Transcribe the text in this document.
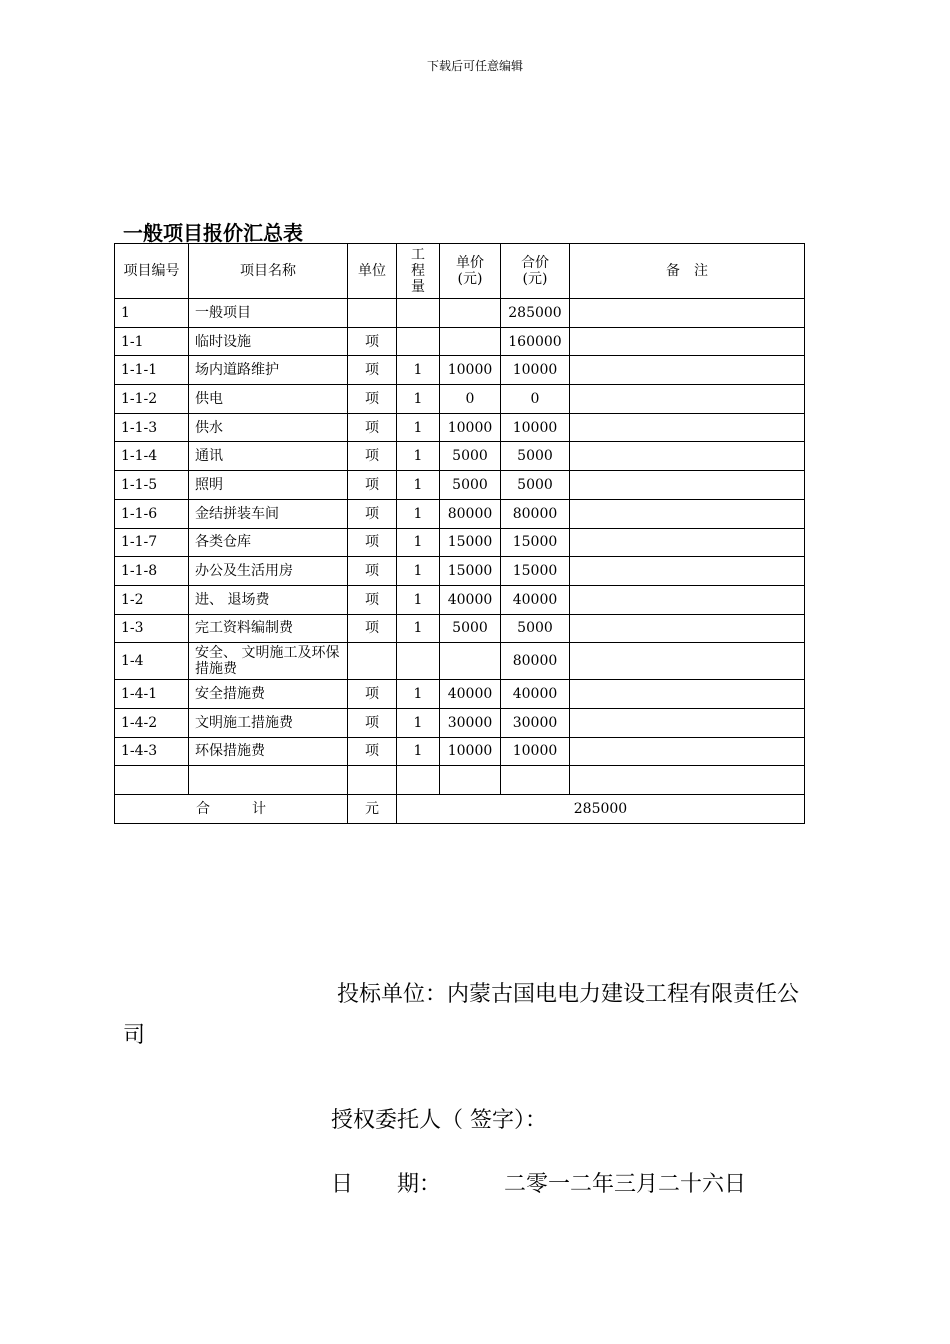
下载后可任意编辑
一般项目报价汇总表
项目编号	项目名称	单位	工程量	单价(元)	合价(元)	备　注
1	一般项目				285000	
1-1	临时设施	项			160000	
1-1-1	场内道路维护	项	1	10000	10000	
1-1-2	供电	项	1	0	0	
1-1-3	供水	项	1	10000	10000	
1-1-4	通讯	项	1	5000	5000	
1-1-5	照明	项	1	5000	5000	
1-1-6	金结拼装车间	项	1	80000	80000	
1-1-7	各类仓库	项	1	15000	15000	
1-1-8	办公及生活用房	项	1	15000	15000	
1-2	进、 退场费	项	1	40000	40000	
1-3	完工资料编制费	项	1	5000	5000	
1-4	安全、 文明施工及环保措施费				80000	
1-4-1	安全措施费	项	1	40000	40000	
1-4-2	文明施工措施费	项	1	30000	30000	
1-4-3	环保措施费	项	1	10000	10000	

合　　　计		元	285000			
投标单位：内蒙古国电电力建设工程有限责任公
司
授权委托人（ 签字）：
日　　期：	二零一二年三月二十六日
